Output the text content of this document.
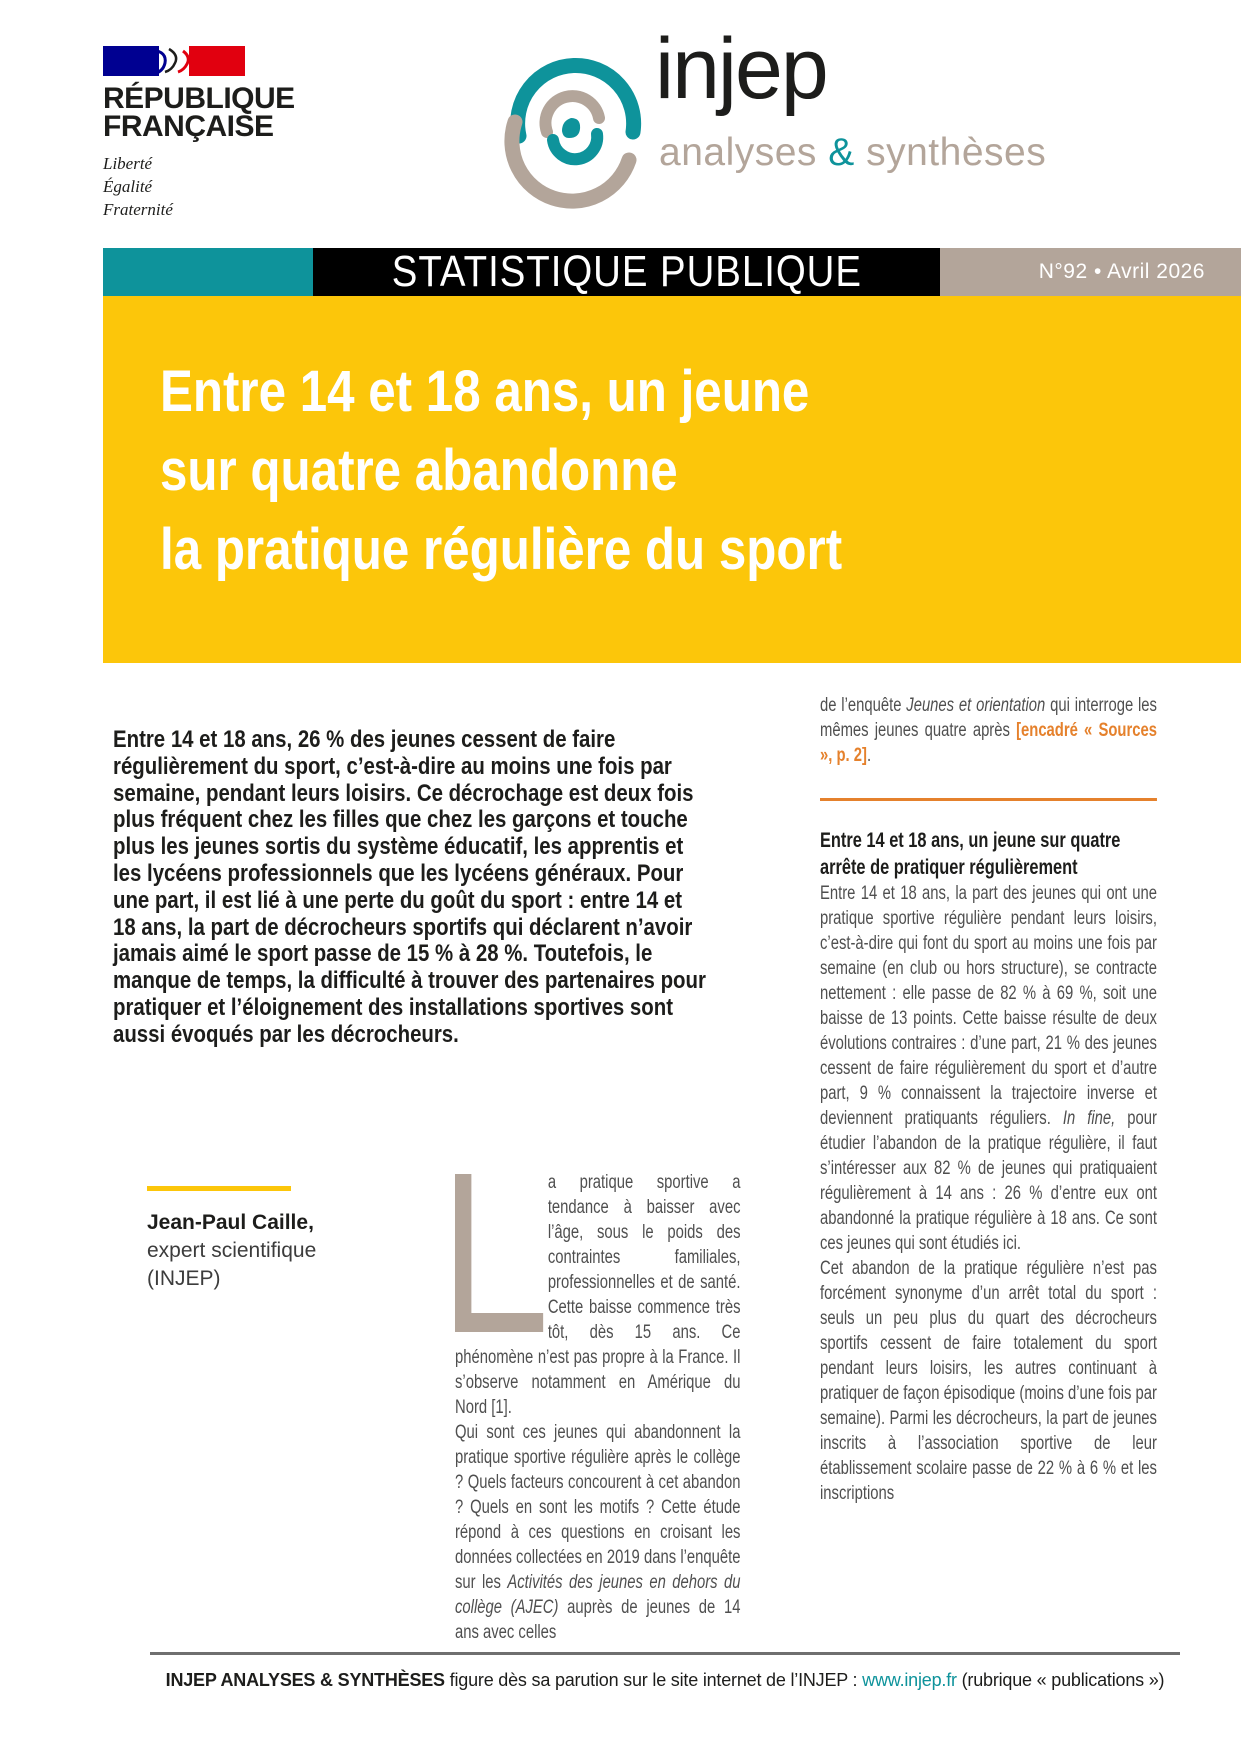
RÉPUBLIQUE
FRANÇAISE
Liberté
Égalité
Fraternité
injep
analyses & synthèses
STATISTIQUE PUBLIQUE	N°92 • Avril 2026
Entre 14 et 18 ans, un jeune
sur quatre abandonne
la pratique régulière du sport
Entre 14 et 18 ans, 26 % des jeunes cessent de faire régulièrement du sport, c’est-à-dire au moins une fois par semaine, pendant leurs loisirs. Ce décrochage est deux fois plus fréquent chez les filles que chez les garçons et touche plus les jeunes sortis du système éducatif, les apprentis et les lycéens professionnels que les lycéens généraux. Pour une part, il est lié à une perte du goût du sport : entre 14 et 18 ans, la part de décrocheurs sportifs qui déclarent n’avoir jamais aimé le sport passe de 15 % à 28 %. Toutefois, le manque de temps, la difficulté à trouver des partenaires pour pratiquer et l’éloignement des installations sportives sont aussi évoqués par les décrocheurs.
Jean-Paul Caille,
expert scientifique
(INJEP)

a pratique sportive a tendance à baisser avec l’âge, sous le poids des contraintes familiales, professionnelles et de santé. Cette baisse commence très tôt, dès 15 ans. Ce phénomène n’est pas propre à la France. Il s’observe notamment en Amérique du Nord [1].

Qui sont ces jeunes qui abandonnent la pratique sportive régulière après le collège ? Quels facteurs concourent à cet abandon ? Quels en sont les motifs ? Cette étude répond à ces questions en croisant les données collectées en 2019 dans l’enquête sur les Activités des jeunes en dehors du collège (AJEC) auprès de jeunes de 14 ans avec celles

de l’enquête Jeunes et orientation qui interroge les mêmes jeunes quatre après [encadré « Sources », p. 2].

Entre 14 et 18 ans, un jeune sur quatre arrête de pratiquer régulièrement

Entre 14 et 18 ans, la part des jeunes qui ont une pratique sportive régulière pendant leurs loisirs, c’est-à-dire qui font du sport au moins une fois par semaine (en club ou hors structure), se contracte nettement : elle passe de 82 % à 69 %, soit une baisse de 13 points. Cette baisse résulte de deux évolutions contraires : d’une part, 21 % des jeunes cessent de faire régulièrement du sport et d’autre part, 9 % connaissent la trajectoire inverse et deviennent pratiquants réguliers. In fine, pour étudier l’abandon de la pratique régulière, il faut s’intéresser aux 82 % de jeunes qui pratiquaient régulièrement à 14 ans : 26 % d’entre eux ont abandonné la pratique régulière à 18 ans. Ce sont ces jeunes qui sont étudiés ici.

Cet abandon de la pratique régulière n’est pas forcément synonyme d’un arrêt total du sport : seuls un peu plus du quart des décrocheurs sportifs cessent de faire totalement du sport pendant leurs loisirs, les autres continuant à pratiquer de façon épisodique (moins d’une fois par semaine). Parmi les décrocheurs, la part de jeunes inscrits à l’association sportive de leur établissement scolaire passe de 22 % à 6 % et les inscriptions

INJEP ANALYSES & SYNTHÈSES figure dès sa parution sur le site internet de l’INJEP : www.injep.fr (rubrique « publications »)
